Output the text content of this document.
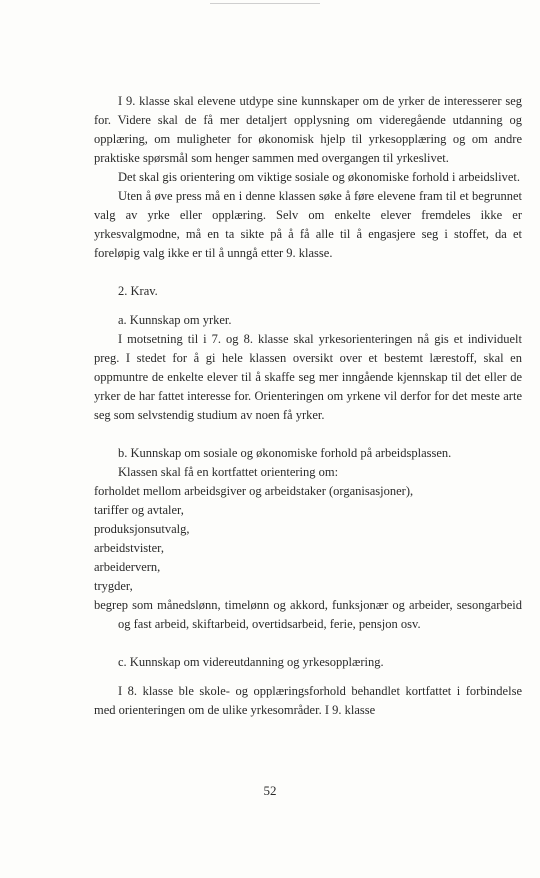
I 9. klasse skal elevene utdype sine kunnskaper om de yrker de interesserer seg for. Videre skal de få mer detaljert opplysning om videregående utdanning og opplæring, om muligheter for økonomisk hjelp til yrkesopplæring og om andre praktiske spørsmål som henger sammen med overgangen til yrkeslivet.

Det skal gis orientering om viktige sosiale og økonomiske forhold i arbeidslivet.

Uten å øve press må en i denne klassen søke å føre elevene fram til et begrunnet valg av yrke eller opplæring. Selv om enkelte elever fremdeles ikke er yrkesvalgmodne, må en ta sikte på å få alle til å engasjere seg i stoffet, da et foreløpig valg ikke er til å unngå etter 9. klasse.

2. Krav.

a. Kunnskap om yrker.

I motsetning til i 7. og 8. klasse skal yrkesorienteringen nå gis et individuelt preg. I stedet for å gi hele klassen oversikt over et bestemt lærestoff, skal en oppmuntre de enkelte elever til å skaffe seg mer inngående kjennskap til det eller de yrker de har fattet interesse for. Orienteringen om yrkene vil derfor for det meste arte seg som selvstendig studium av noen få yrker.

b. Kunnskap om sosiale og økonomiske forhold på arbeidsplassen.

Klassen skal få en kortfattet orientering om:

forholdet mellom arbeidsgiver og arbeidstaker (organisasjoner),
tariffer og avtaler,
produksjonsutvalg,
arbeidstvister,
arbeidervern,
trygder,
begrep som månedslønn, timelønn og akkord, funksjonær og arbeider, sesongarbeid og fast arbeid, skiftarbeid, overtidsarbeid, ferie, pensjon osv.

c. Kunnskap om videreutdanning og yrkesopplæring.

I 8. klasse ble skole- og opplæringsforhold behandlet kortfattet i forbindelse med orienteringen om de ulike yrkesområder. I 9. klasse

52
